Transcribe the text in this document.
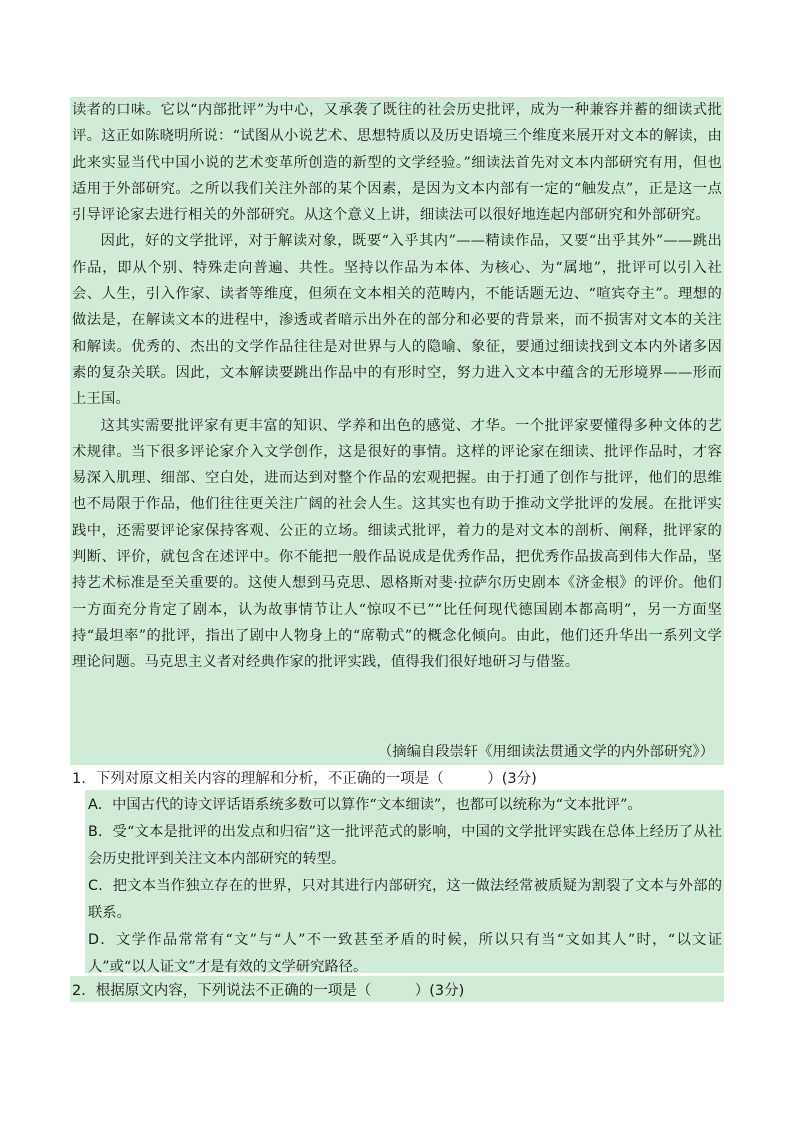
读者的口味。它以“内部批评”为中心，又承袭了既往的社会历史批评，成为一种兼容并蓄的细读式批评。这正如陈晓明所说：“试图从小说艺术、思想特质以及历史语境三个维度来展开对文本的解读，由此来实显当代中国小说的艺术变革所创造的新型的文学经验。”细读法首先对文本内部研究有用，但也适用于外部研究。之所以我们关注外部的某个因素，是因为文本内部有一定的“触发点”，正是这一点引导评论家去进行相关的外部研究。从这个意义上讲，细读法可以很好地连起内部研究和外部研究。

因此，好的文学批评，对于解读对象，既要“入乎其内”——精读作品，又要“出乎其外”——跳出作品，即从个别、特殊走向普遍、共性。坚持以作品为本体、为核心、为“属地”，批评可以引入社会、人生，引入作家、读者等维度，但须在文本相关的范畴内，不能话题无边、“喧宾夺主”。理想的做法是，在解读文本的进程中，渗透或者暗示出外在的部分和必要的背景来，而不损害对文本的关注和解读。优秀的、杰出的文学作品往往是对世界与人的隐喻、象征，要通过细读找到文本内外诸多因素的复杂关联。因此，文本解读要跳出作品中的有形时空，努力进入文本中蕴含的无形境界——形而上王国。

这其实需要批评家有更丰富的知识、学养和出色的感觉、才华。一个批评家要懂得多种文体的艺术规律。当下很多评论家介入文学创作，这是很好的事情。这样的评论家在细读、批评作品时，才容易深入肌理、细部、空白处，进而达到对整个作品的宏观把握。由于打通了创作与批评，他们的思维也不局限于作品，他们往往更关注广阔的社会人生。这其实也有助于推动文学批评的发展。在批评实践中，还需要评论家保持客观、公正的立场。细读式批评，着力的是对文本的剖析、阐释，批评家的判断、评价，就包含在述评中。你不能把一般作品说成是优秀作品，把优秀作品拔高到伟大作品，坚持艺术标准是至关重要的。这使人想到马克思、恩格斯对斐·拉萨尔历史剧本《济金根》的评价。他们一方面充分肯定了剧本，认为故事情节让人“惊叹不已”“比任何现代德国剧本都高明”，另一方面坚持“最坦率”的批评，指出了剧中人物身上的“席勒式”的概念化倾向。由此，他们还升华出一系列文学理论问题。马克思主义者对经典作家的批评实践，值得我们很好地研习与借鉴。

（摘编自段崇轩《用细读法贯通文学的内外部研究》）
1．下列对原文相关内容的理解和分析，不正确的一项是（　　　）(3分)

A．中国古代的诗文评话语系统多数可以算作“文本细读”，也都可以统称为“文本批评”。

B．受“文本是批评的出发点和归宿”这一批评范式的影响，中国的文学批评实践在总体上经历了从社会历史批评到关注文本内部研究的转型。

C．把文本当作独立存在的世界，只对其进行内部研究，这一做法经常被质疑为割裂了文本与外部的联系。

D．文学作品常常有“文”与“人”不一致甚至矛盾的时候，所以只有当“文如其人”时，“以文证人”或“以人证文”才是有效的文学研究路径。

2．根据原文内容，下列说法不正确的一项是（　　　）(3分)
